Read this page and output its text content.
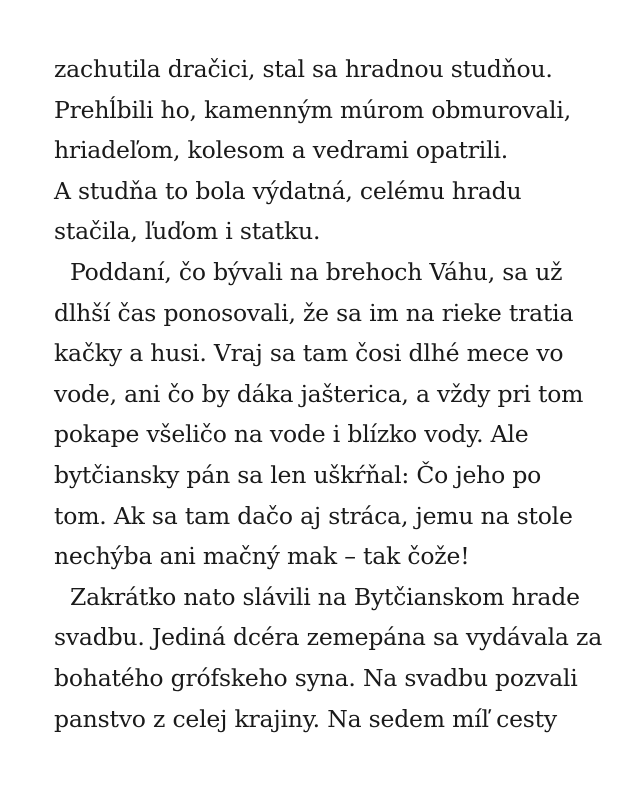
zachutila dračici, stal sa hradnou studňou.
Prehĺbili ho, kamenným múrom obmurovali,
hriadeľom, kolesom a vedrami opatrili.
A studňa to bola výdatná, celému hradu
stačila, ľuďom i statku.
Poddaní, čo bývali na brehoch Váhu, sa už
dlhší čas ponosovali, že sa im na rieke tratia
kačky a husi. Vraj sa tam čosi dlhé mece vo
vode, ani čo by dáka jašterica, a vždy pri tom
pokape všeličo na vode i blízko vody. Ale
bytčiansky pán sa len uškŕňal: Čo jeho po
tom. Ak sa tam dačo aj stráca, jemu na stole
nechýba ani mačný mak – tak čože!
Zakrátko nato slávili na Bytčianskom hrade
svadbu. Jediná dcéra zemepána sa vydávala za
bohatého grófskeho syna. Na svadbu pozvali
panstvo z celej krajiny. Na sedem míľ cesty
